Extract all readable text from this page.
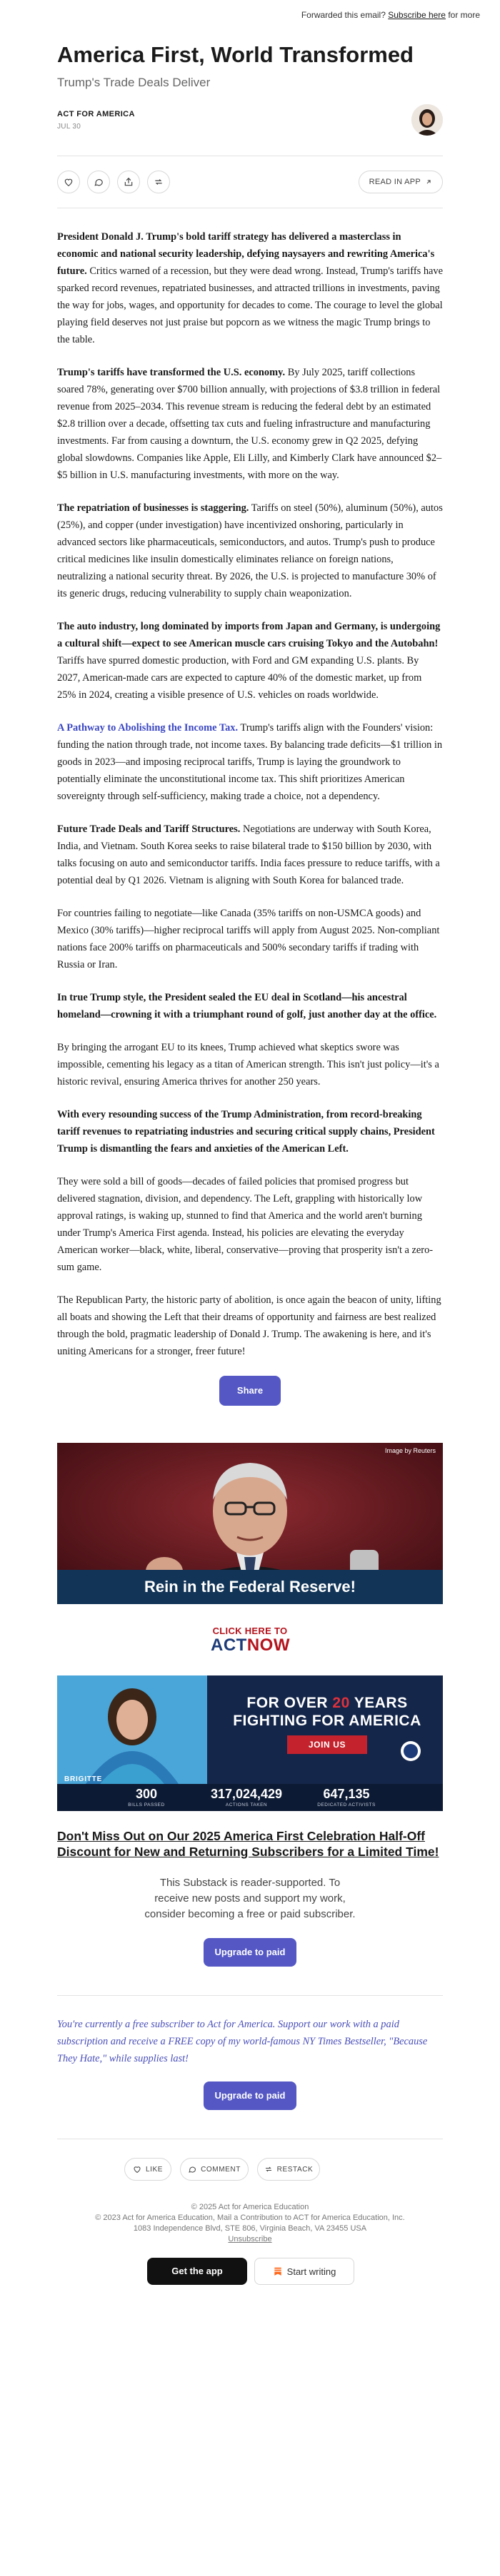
Forwarded this email? Subscribe here for more
America First, World Transformed
Trump's Trade Deals Deliver
ACT FOR AMERICA
JUL 30
READ IN APP

President Donald J. Trump's bold tariff strategy has delivered a masterclass in economic and national security leadership, defying naysayers and rewriting America's future. Critics warned of a recession, but they were dead wrong. Instead, Trump's tariffs have sparked record revenues, repatriated businesses, and attracted trillions in investments, paving the way for jobs, wages, and opportunity for decades to come. The courage to level the global playing field deserves not just praise but popcorn as we witness the magic Trump brings to the table.

Trump's tariffs have transformed the U.S. economy. By July 2025, tariff collections soared 78%, generating over $700 billion annually, with projections of $3.8 trillion in federal revenue from 2025–2034. This revenue stream is reducing the federal debt by an estimated $2.8 trillion over a decade, offsetting tax cuts and fueling infrastructure and manufacturing investments. Far from causing a downturn, the U.S. economy grew in Q2 2025, defying global slowdowns. Companies like Apple, Eli Lilly, and Kimberly Clark have announced $2–$5 billion in U.S. manufacturing investments, with more on the way.

The repatriation of businesses is staggering. Tariffs on steel (50%), aluminum (50%), autos (25%), and copper (under investigation) have incentivized onshoring, particularly in advanced sectors like pharmaceuticals, semiconductors, and autos. Trump's push to produce critical medicines like insulin domestically eliminates reliance on foreign nations, neutralizing a national security threat. By 2026, the U.S. is projected to manufacture 30% of its generic drugs, reducing vulnerability to supply chain weaponization.

The auto industry, long dominated by imports from Japan and Germany, is undergoing a cultural shift—expect to see American muscle cars cruising Tokyo and the Autobahn! Tariffs have spurred domestic production, with Ford and GM expanding U.S. plants. By 2027, American-made cars are expected to capture 40% of the domestic market, up from 25% in 2024, creating a visible presence of U.S. vehicles on roads worldwide.

A Pathway to Abolishing the Income Tax. Trump's tariffs align with the Founders' vision: funding the nation through trade, not income taxes. By balancing trade deficits—$1 trillion in goods in 2023—and imposing reciprocal tariffs, Trump is laying the groundwork to potentially eliminate the unconstitutional income tax. This shift prioritizes American sovereignty through self-sufficiency, making trade a choice, not a dependency.

Future Trade Deals and Tariff Structures. Negotiations are underway with South Korea, India, and Vietnam. South Korea seeks to raise bilateral trade to $150 billion by 2030, with talks focusing on auto and semiconductor tariffs. India faces pressure to reduce tariffs, with a potential deal by Q1 2026. Vietnam is aligning with South Korea for balanced trade.

For countries failing to negotiate—like Canada (35% tariffs on non-USMCA goods) and Mexico (30% tariffs)—higher reciprocal tariffs will apply from August 2025. Non-compliant nations face 200% tariffs on pharmaceuticals and 500% secondary tariffs if trading with Russia or Iran.

In true Trump style, the President sealed the EU deal in Scotland—his ancestral homeland—crowning it with a triumphant round of golf, just another day at the office.

By bringing the arrogant EU to its knees, Trump achieved what skeptics swore was impossible, cementing his legacy as a titan of American strength. This isn't just policy—it's a historic revival, ensuring America thrives for another 250 years.

With every resounding success of the Trump Administration, from record-breaking tariff revenues to repatriating industries and securing critical supply chains, President Trump is dismantling the fears and anxieties of the American Left.

They were sold a bill of goods—decades of failed policies that promised progress but delivered stagnation, division, and dependency. The Left, grappling with historically low approval ratings, is waking up, stunned to find that America and the world aren't burning under Trump's America First agenda. Instead, his policies are elevating the everyday American worker—black, white, liberal, conservative—proving that prosperity isn't a zero-sum game.

The Republican Party, the historic party of abolition, is once again the beacon of unity, lifting all boats and showing the Left that their dreams of opportunity and fairness are best realized through the bold, pragmatic leadership of Donald J. Trump. The awakening is here, and it's uniting Americans for a stronger, freer future!

Share
Image by Reuters
Rein in the Federal Reserve!
CLICK HERE TO
ACTNOW
FOR OVER 20 YEARS
FIGHTING FOR AMERICA
JOIN US
BRIGITTE
300
BILLS PASSED
317,024,429
ACTIONS TAKEN
647,135
DEDICATED ACTIVISTS
Don't Miss Out on Our 2025 America First Celebration Half-Off Discount for New and Returning Subscribers for a Limited Time!
This Substack is reader-supported. To receive new posts and support my work, consider becoming a free or paid subscriber.
Upgrade to paid
You're currently a free subscriber to Act for America. Support our work with a paid subscription and receive a FREE copy of my world-famous NY Times Bestseller, "Because They Hate," while supplies last!
Upgrade to paid
LIKE	COMMENT	RESTACK
© 2025 Act for America Education
© 2023 Act for America Education, Mail a Contribution to ACT for America Education, Inc.
1083 Independence Blvd, STE 806, Virginia Beach, VA 23455 USA
Unsubscribe
Get the app	Start writing
